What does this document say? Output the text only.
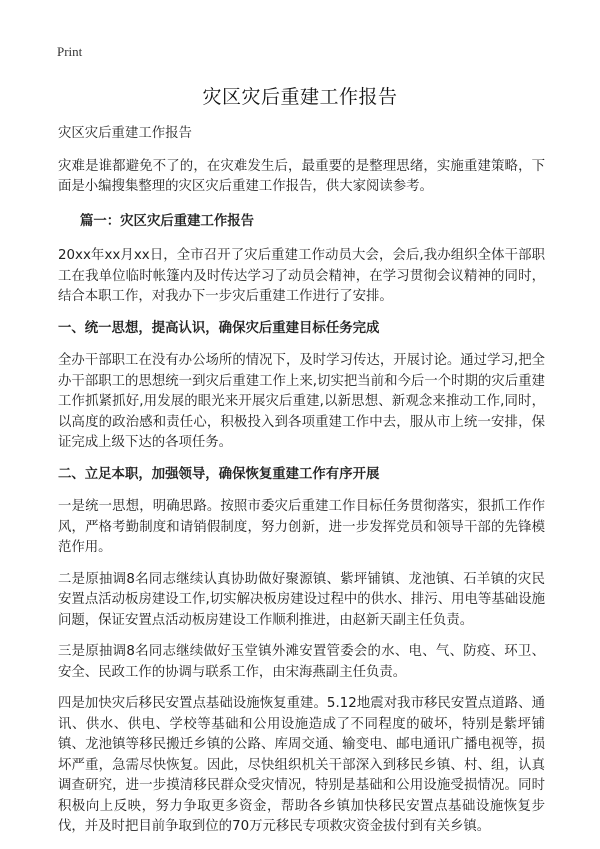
Print
灾区灾后重建工作报告

灾区灾后重建工作报告

灾难是谁都避免不了的，在灾难发生后，最重要的是整理思绪，实施重建策略，下面是小编搜集整理的灾区灾后重建工作报告，供大家阅读参考。

篇一：灾区灾后重建工作报告

20xx年xx月xx日，全市召开了灾后重建工作动员大会，会后,我办组织全体干部职工在我单位临时帐篷内及时传达学习了动员会精神，在学习贯彻会议精神的同时，结合本职工作，对我办下一步灾后重建工作进行了安排。

一、统一思想，提高认识，确保灾后重建目标任务完成

全办干部职工在没有办公场所的情况下，及时学习传达，开展讨论。通过学习,把全办干部职工的思想统一到灾后重建工作上来,切实把当前和今后一个时期的灾后重建工作抓紧抓好,用发展的眼光来开展灾后重建,以新思想、新观念来推动工作,同时，以高度的政治感和责任心，积极投入到各项重建工作中去，服从市上统一安排，保证完成上级下达的各项任务。

二、立足本职，加强领导，确保恢复重建工作有序开展

一是统一思想，明确思路。按照市委灾后重建工作目标任务贯彻落实，狠抓工作作风，严格考勤制度和请销假制度，努力创新，进一步发挥党员和领导干部的先锋模范作用。

二是原抽调8名同志继续认真协助做好聚源镇、紫坪铺镇、龙池镇、石羊镇的灾民安置点活动板房建设工作,切实解决板房建设过程中的供水、排污、用电等基础设施问题，保证安置点活动板房建设工作顺利推进，由赵新天副主任负责。

三是原抽调8名同志继续做好玉堂镇外滩安置管委会的水、电、气、防疫、环卫、安全、民政工作的协调与联系工作，由宋海燕副主任负责。

四是加快灾后移民安置点基础设施恢复重建。5.12地震对我市移民安置点道路、通讯、供水、供电、学校等基础和公用设施造成了不同程度的破坏，特别是紫坪铺镇、龙池镇等移民搬迁乡镇的公路、库周交通、输变电、邮电通讯广播电视等，损坏严重，急需尽快恢复。因此，尽快组织机关干部深入到移民乡镇、村、组，认真调查研究，进一步摸清移民群众受灾情况，特别是基础和公用设施受损情况。同时积极向上反映，努力争取更多资金，帮助各乡镇加快移民安置点基础设施恢复步伐，并及时把目前争取到位的70万元移民专项救灾资金拔付到有关乡镇。
